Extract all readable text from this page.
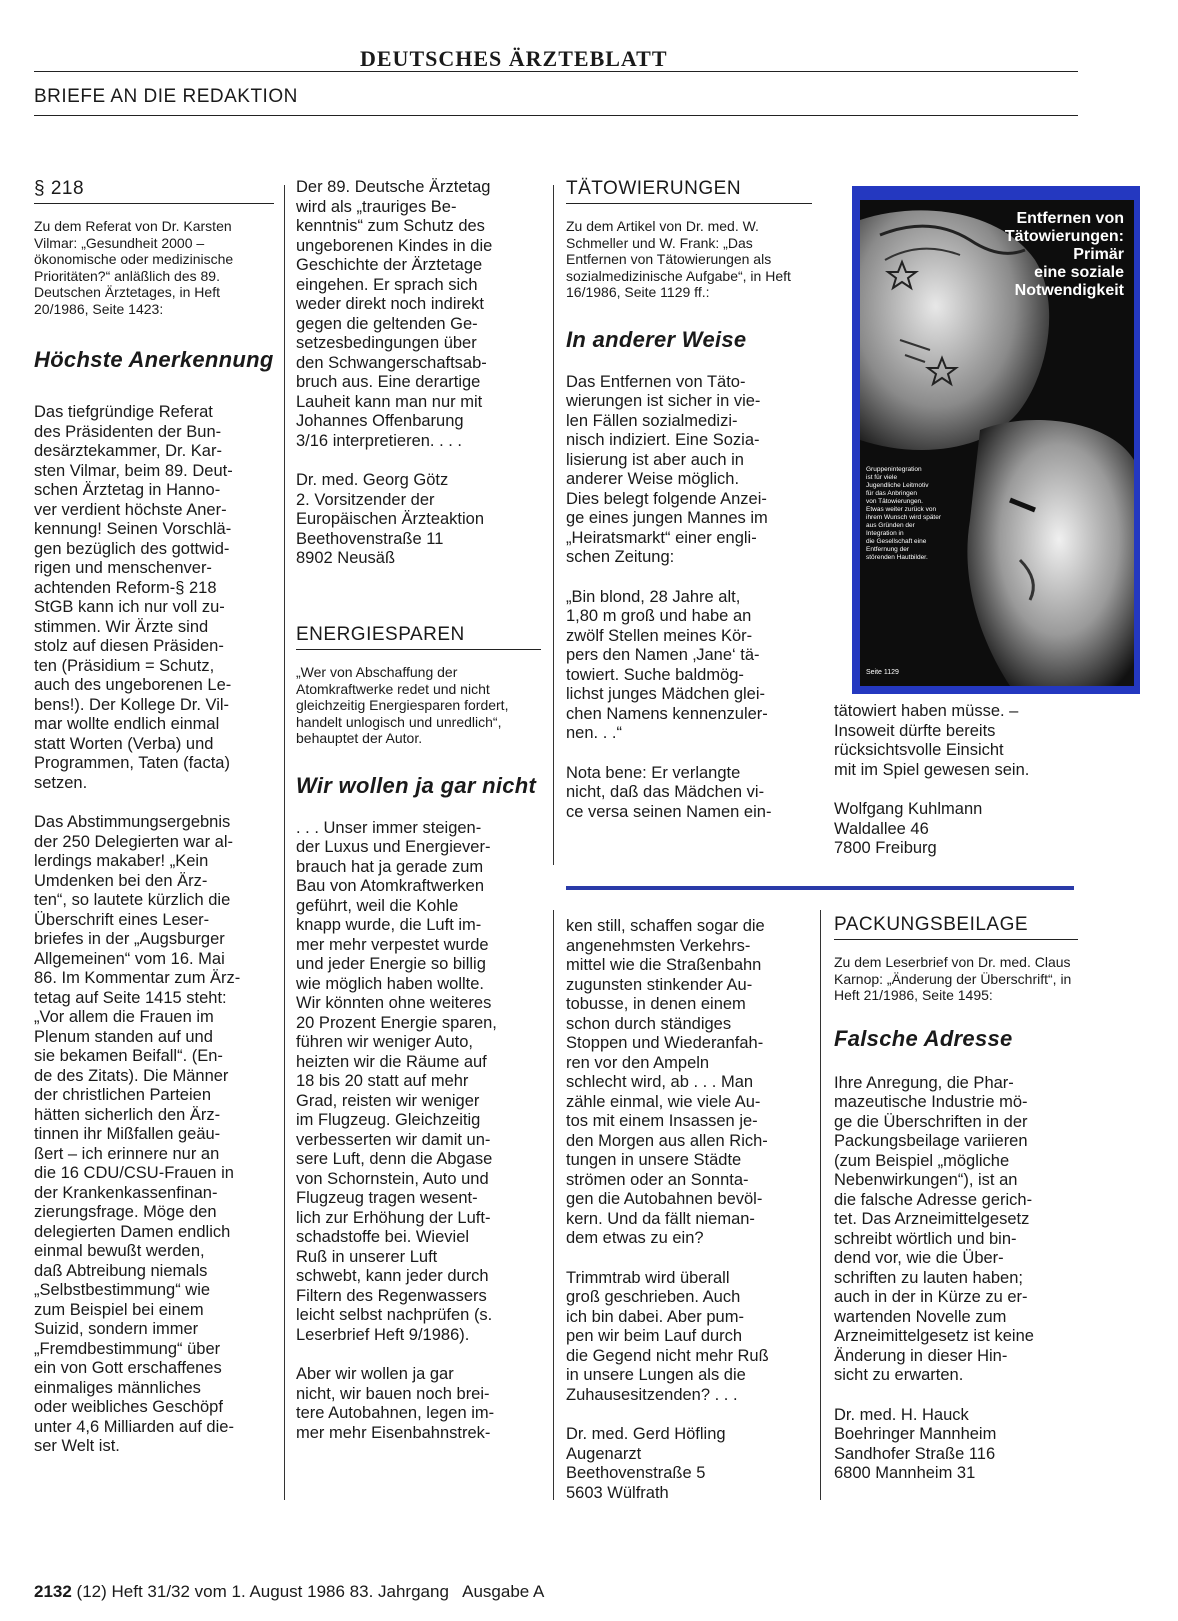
DEUTSCHES ÄRZTEBLATT
BRIEFE AN DIE REDAKTION
§ 218
Zu dem Referat von Dr. Karsten Vilmar: „Gesundheit 2000 – ökonomische oder medizinische Prioritäten?“ anläßlich des 89. Deutschen Ärztetages, in Heft 20/1986, Seite 1423:
Höchste Anerkennung
Das tiefgründige Referat
des Präsidenten der Bun-
desärztekammer, Dr. Kar-
sten Vilmar, beim 89. Deut-
schen Ärztetag in Hanno-
ver verdient höchste Aner-
kennung! Seinen Vorschlä-
gen bezüglich des gottwid-
rigen und menschenver-
achtenden Reform-§ 218
StGB kann ich nur voll zu-
stimmen. Wir Ärzte sind
stolz auf diesen Präsiden-
ten (Präsidium = Schutz,
auch des ungeborenen Le-
bens!). Der Kollege Dr. Vil-
mar wollte endlich einmal
statt Worten (Verba) und
Programmen, Taten (facta)
setzen.
Das Abstimmungsergebnis
der 250 Delegierten war al-
lerdings makaber! „Kein
Umdenken bei den Ärz-
ten“, so lautete kürzlich die
Überschrift eines Leser-
briefes in der „Augsburger
Allgemeinen“ vom 16. Mai
86. Im Kommentar zum Ärz-
tetag auf Seite 1415 steht:
„Vor allem die Frauen im
Plenum standen auf und
sie bekamen Beifall“. (En-
de des Zitats). Die Männer
der christlichen Parteien
hätten sicherlich den Ärz-
tinnen ihr Mißfallen geäu-
ßert – ich erinnere nur an
die 16 CDU/CSU-Frauen in
der Krankenkassenfinan-
zierungsfrage. Möge den
delegierten Damen endlich
einmal bewußt werden,
daß Abtreibung niemals
„Selbstbestimmung“ wie
zum Beispiel bei einem
Suizid, sondern immer
„Fremdbestimmung“ über
ein von Gott erschaffenes
einmaliges männliches
oder weibliches Geschöpf
unter 4,6 Milliarden auf die-
ser Welt ist.
Der 89. Deutsche Ärztetag
wird als „trauriges Be-
kenntnis“ zum Schutz des
ungeborenen Kindes in die
Geschichte der Ärztetage
eingehen. Er sprach sich
weder direkt noch indirekt
gegen die geltenden Ge-
setzesbedingungen über
den Schwangerschaftsab-
bruch aus. Eine derartige
Lauheit kann man nur mit
Johannes Offenbarung
3/16 interpretieren. . . .
Dr. med. Georg Götz
2. Vorsitzender der
Europäischen Ärzteaktion
Beethovenstraße 11
8902 Neusäß
ENERGIESPAREN
„Wer von Abschaffung der Atomkraftwerke redet und nicht gleichzeitig Energiesparen fordert, handelt unlogisch und unredlich“, behauptet der Autor.
Wir wollen ja gar nicht
. . . Unser immer steigen-
der Luxus und Energiever-
brauch hat ja gerade zum
Bau von Atomkraftwerken
geführt, weil die Kohle
knapp wurde, die Luft im-
mer mehr verpestet wurde
und jeder Energie so billig
wie möglich haben wollte.
Wir könnten ohne weiteres
20 Prozent Energie sparen,
führen wir weniger Auto,
heizten wir die Räume auf
18 bis 20 statt auf mehr
Grad, reisten wir weniger
im Flugzeug. Gleichzeitig
verbesserten wir damit un-
sere Luft, denn die Abgase
von Schornstein, Auto und
Flugzeug tragen wesent-
lich zur Erhöhung der Luft-
schadstoffe bei. Wieviel
Ruß in unserer Luft
schwebt, kann jeder durch
Filtern des Regenwassers
leicht selbst nachprüfen (s.
Leserbrief Heft 9/1986).
Aber wir wollen ja gar
nicht, wir bauen noch brei-
tere Autobahnen, legen im-
mer mehr Eisenbahnstrek-
TÄTOWIERUNGEN
Zu dem Artikel von Dr. med. W. Schmeller und W. Frank: „Das Entfernen von Tätowierungen als sozialmedizinische Aufgabe“, in Heft 16/1986, Seite 1129 ff.:
In anderer Weise
Das Entfernen von Täto-
wierungen ist sicher in vie-
len Fällen sozialmedizi-
nisch indiziert. Eine Sozia-
lisierung ist aber auch in
anderer Weise möglich.
Dies belegt folgende Anzei-
ge eines jungen Mannes im
„Heiratsmarkt“ einer engli-
schen Zeitung:
„Bin blond, 28 Jahre alt,
1,80 m groß und habe an
zwölf Stellen meines Kör-
pers den Namen ‚Jane‘ tä-
towiert. Suche baldmög-
lichst junges Mädchen glei-
chen Namens kennenzuler-
nen. . .“
Nota bene: Er verlangte
nicht, daß das Mädchen vi-
ce versa seinen Namen ein-
Entfernen von
Tätowierungen:
Primär
eine soziale
Notwendigkeit
Gruppenintegration
ist für viele
Jugendliche Leitmotiv
für das Anbringen
von Tätowierungen.
Etwas weiter zurück von
ihrem Wunsch wird später
aus Gründen der
Integration in
die Gesellschaft eine
Entfernung der
störenden Hautbilder.
Seite 1129
tätowiert haben müsse. –
Insoweit dürfte bereits
rücksichtsvolle Einsicht
mit im Spiel gewesen sein.
Wolfgang Kuhlmann
Waldallee 46
7800 Freiburg
ken still, schaffen sogar die
angenehmsten Verkehrs-
mittel wie die Straßenbahn
zugunsten stinkender Au-
tobusse, in denen einem
schon durch ständiges
Stoppen und Wiederanfah-
ren vor den Ampeln
schlecht wird, ab . . . Man
zähle einmal, wie viele Au-
tos mit einem Insassen je-
den Morgen aus allen Rich-
tungen in unsere Städte
strömen oder an Sonnta-
gen die Autobahnen bevöl-
kern. Und da fällt nieman-
dem etwas zu ein?
Trimmtrab wird überall
groß geschrieben. Auch
ich bin dabei. Aber pum-
pen wir beim Lauf durch
die Gegend nicht mehr Ruß
in unsere Lungen als die
Zuhausesitzenden? . . .
Dr. med. Gerd Höfling
Augenarzt
Beethovenstraße 5
5603 Wülfrath
PACKUNGSBEILAGE
Zu dem Leserbrief von Dr. med. Claus Karnop: „Änderung der Überschrift“, in Heft 21/1986, Seite 1495:
Falsche Adresse
Ihre Anregung, die Phar-
mazeutische Industrie mö-
ge die Überschriften in der
Packungsbeilage variieren
(zum Beispiel „mögliche
Nebenwirkungen“), ist an
die falsche Adresse gerich-
tet. Das Arzneimittelgesetz
schreibt wörtlich und bin-
dend vor, wie die Über-
schriften zu lauten haben;
auch in der in Kürze zu er-
wartenden Novelle zum
Arzneimittelgesetz ist keine
Änderung in dieser Hin-
sicht zu erwarten.
Dr. med. H. Hauck
Boehringer Mannheim
Sandhofer Straße 116
6800 Mannheim 31
2132 (12) Heft 31/32 vom 1. August 1986 83. Jahrgang   Ausgabe A
